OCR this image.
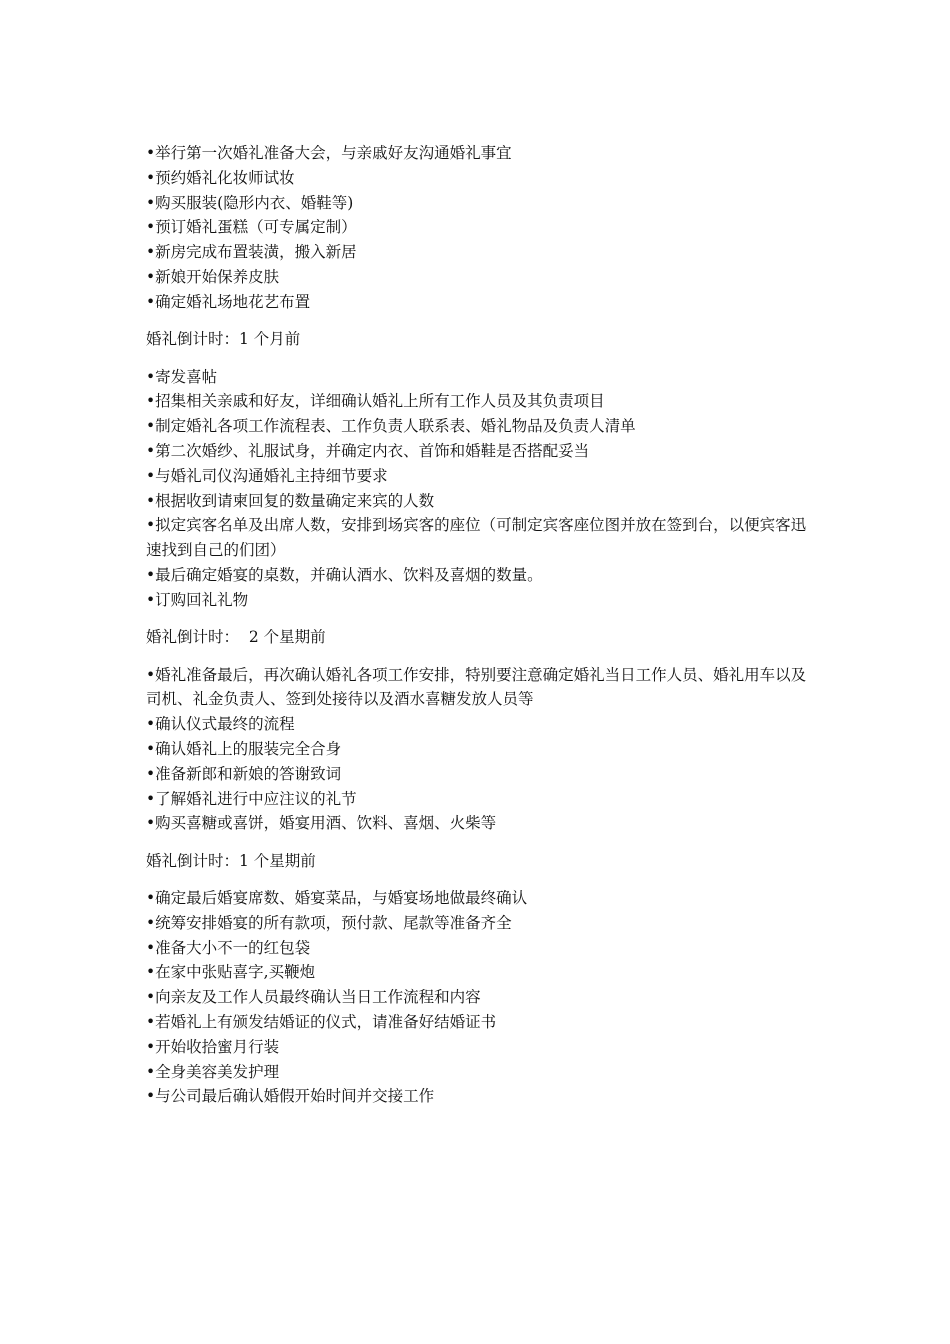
•举行第一次婚礼准备大会，与亲戚好友沟通婚礼事宜
•预约婚礼化妆师试妆
•购买服装(隐形内衣、婚鞋等)
•预订婚礼蛋糕（可专属定制）
•新房完成布置装潢，搬入新居
•新娘开始保养皮肤
•确定婚礼场地花艺布置
婚礼倒计时：1 个月前
•寄发喜帖
•招集相关亲戚和好友，详细确认婚礼上所有工作人员及其负责项目
•制定婚礼各项工作流程表、工作负责人联系表、婚礼物品及负责人清单
•第二次婚纱、礼服试身，并确定内衣、首饰和婚鞋是否搭配妥当
•与婚礼司仪沟通婚礼主持细节要求
•根据收到请柬回复的数量确定来宾的人数
•拟定宾客名单及出席人数，安排到场宾客的座位（可制定宾客座位图并放在签到台，以便宾客迅速找到自己的们团）
•最后确定婚宴的桌数，并确认酒水、饮料及喜烟的数量。
•订购回礼礼物
婚礼倒计时：  2 个星期前
•婚礼准备最后，再次确认婚礼各项工作安排，特别要注意确定婚礼当日工作人员、婚礼用车以及司机、礼金负责人、签到处接待以及酒水喜糖发放人员等
•确认仪式最终的流程
•确认婚礼上的服装完全合身
•准备新郎和新娘的答谢致词
•了解婚礼进行中应注议的礼节
•购买喜糖或喜饼，婚宴用酒、饮料、喜烟、火柴等
婚礼倒计时：1 个星期前
•确定最后婚宴席数、婚宴菜品，与婚宴场地做最终确认
•统筹安排婚宴的所有款项，预付款、尾款等准备齐全
•准备大小不一的红包袋
•在家中张贴喜字,买鞭炮
•向亲友及工作人员最终确认当日工作流程和内容
•若婚礼上有颁发结婚证的仪式，请准备好结婚证书
•开始收拾蜜月行装
•全身美容美发护理
•与公司最后确认婚假开始时间并交接工作
